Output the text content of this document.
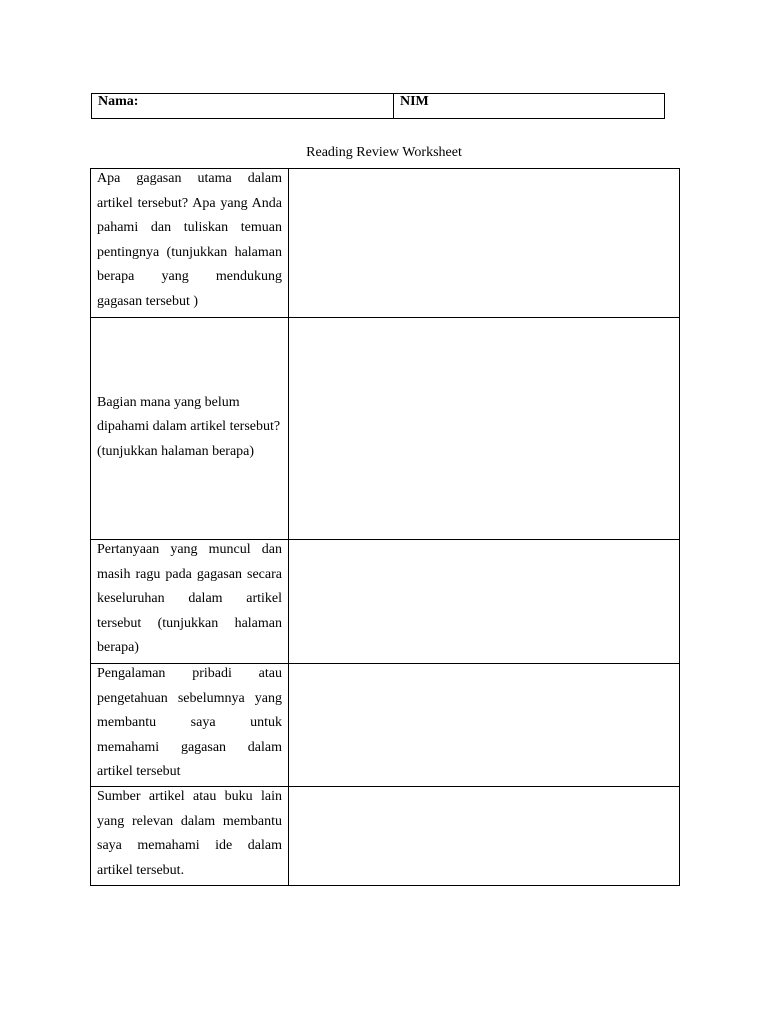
Nama:	NIM
Reading Review Worksheet
Apa gagasan utama dalam artikel tersebut? Apa yang Anda pahami dan tuliskan temuan pentingnya (tunjukkan halaman berapa yang mendukung gagasan tersebut )	

Bagian mana yang belum dipahami dalam artikel tersebut? (tunjukkan halaman berapa)	

Pertanyaan yang muncul dan masih ragu pada gagasan secara keseluruhan dalam artikel tersebut (tunjukkan halaman berapa)	

Pengalaman pribadi atau pengetahuan sebelumnya yang membantu saya untuk memahami gagasan dalam artikel tersebut	

Sumber artikel atau buku lain yang relevan dalam membantu saya memahami ide dalam artikel tersebut.	
